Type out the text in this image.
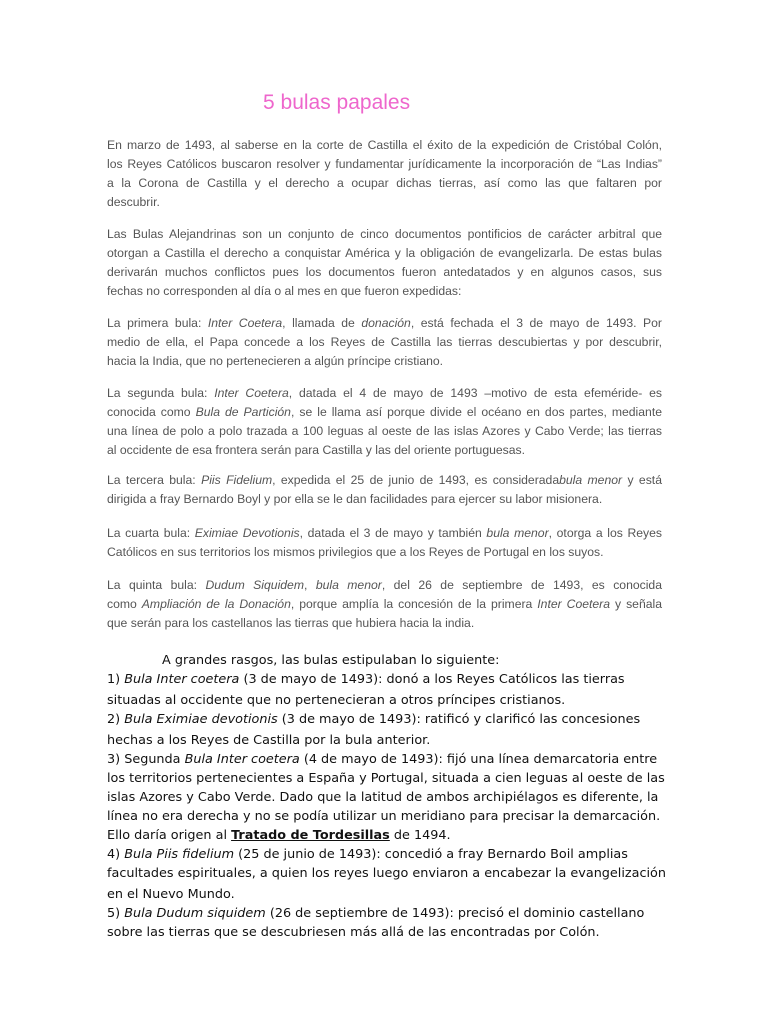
5 bulas papales

En marzo de 1493, al saberse en la corte de Castilla el éxito de la expedición de Cristóbal Colón,
los Reyes Católicos buscaron resolver y fundamentar jurídicamente la incorporación de “Las Indias”
a la Corona de Castilla y el derecho a ocupar dichas tierras, así como las que faltaren por
descubrir.

Las Bulas Alejandrinas son un conjunto de cinco documentos pontificios de carácter arbitral que
otorgan a Castilla el derecho a conquistar América y la obligación de evangelizarla. De estas bulas
derivarán muchos conflictos pues los documentos fueron antedatados y en algunos casos, sus
fechas no corresponden al día o al mes en que fueron expedidas:

La primera bula: Inter Coetera, llamada de donación, está fechada el 3 de mayo de 1493. Por
medio de ella, el Papa concede a los Reyes de Castilla las tierras descubiertas y por descubrir,
hacia la India, que no pertenecieren a algún príncipe cristiano.

La segunda bula: Inter Coetera, datada el 4 de mayo de 1493 –motivo de esta efeméride- es
conocida como Bula de Partición, se le llama así porque divide el océano en dos partes, mediante
una línea de polo a polo trazada a 100 leguas al oeste de las islas Azores y Cabo Verde; las tierras
al occidente de esa frontera serán para Castilla y las del oriente portuguesas.

La tercera bula: Piis Fidelium, expedida el 25 de junio de 1493, es consideradabula menor y está
dirigida a fray Bernardo Boyl y por ella se le dan facilidades para ejercer su labor misionera.

La cuarta bula: Eximiae Devotionis, datada el 3 de mayo y también bula menor, otorga a los Reyes
Católicos en sus territorios los mismos privilegios que a los Reyes de Portugal en los suyos.

La quinta bula: Dudum Siquidem, bula menor, del 26 de septiembre de 1493, es conocida
como Ampliación de la Donación, porque amplía la concesión de la primera Inter Coetera y señala
que serán para los castellanos las tierras que hubiera hacia la india.

A grandes rasgos, las bulas estipulaban lo siguiente:
1) Bula Inter coetera (3 de mayo de 1493): donó a los Reyes Católicos las tierras
situadas al occidente que no pertenecieran a otros príncipes cristianos.
2) Bula Eximiae devotionis (3 de mayo de 1493): ratificó y clarificó las concesiones
hechas a los Reyes de Castilla por la bula anterior.
3) Segunda Bula Inter coetera (4 de mayo de 1493): fijó una línea demarcatoria entre
los territorios pertenecientes a España y Portugal, situada a cien leguas al oeste de las
islas Azores y Cabo Verde. Dado que la latitud de ambos archipiélagos es diferente, la
línea no era derecha y no se podía utilizar un meridiano para precisar la demarcación.
Ello daría origen al Tratado de Tordesillas de 1494.
4) Bula Piis fidelium (25 de junio de 1493): concedió a fray Bernardo Boil amplias
facultades espirituales, a quien los reyes luego enviaron a encabezar la evangelización
en el Nuevo Mundo.
5) Bula Dudum siquidem (26 de septiembre de 1493): precisó el dominio castellano
sobre las tierras que se descubriesen más allá de las encontradas por Colón.
